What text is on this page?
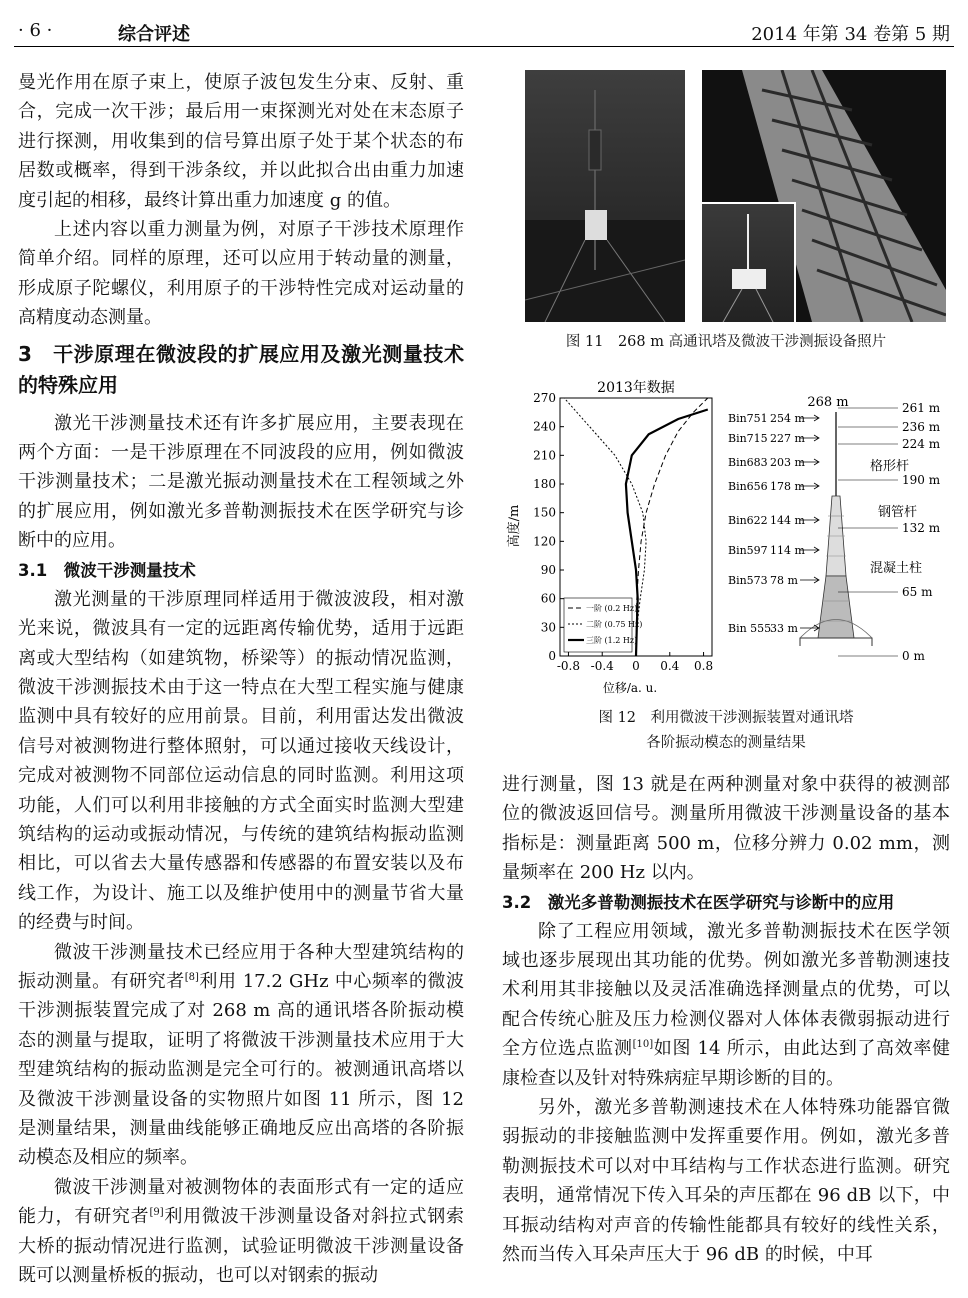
· 6 ·	综合评述	2014 年第 34 卷第 5 期

曼光作用在原子束上，使原子波包发生分束、反射、重合，完成一次干涉；最后用一束探测光对处在末态原子进行探测，用收集到的信号算出原子处于某个状态的布居数或概率，得到干涉条纹，并以此拟合出由重力加速度引起的相移，最终计算出重力加速度 g 的值。

上述内容以重力测量为例，对原子干涉技术原理作简单介绍。同样的原理，还可以应用于转动量的测量，形成原子陀螺仪，利用原子的干涉特性完成对运动量的高精度动态测量。

3　干涉原理在微波段的扩展应用及激光测量技术的特殊应用

激光干涉测量技术还有许多扩展应用，主要表现在两个方面：一是干涉原理在不同波段的应用，例如微波干涉测量技术；二是激光振动测量技术在工程领域之外的扩展应用，例如激光多普勒测振技术在医学研究与诊断中的应用。

3.1　微波干涉测量技术

激光测量的干涉原理同样适用于微波波段，相对激光来说，微波具有一定的远距离传输优势，适用于远距离或大型结构（如建筑物，桥梁等）的振动情况监测，微波干涉测振技术由于这一特点在大型工程实施与健康监测中具有较好的应用前景。目前，利用雷达发出微波信号对被测物进行整体照射，可以通过接收天线设计，完成对被测物不同部位运动信息的同时监测。利用这项功能，人们可以利用非接触的方式全面实时监测大型建筑结构的运动或振动情况，与传统的建筑结构振动监测相比，可以省去大量传感器和传感器的布置安装以及布线工作，为设计、施工以及维护使用中的测量节省大量的经费与时间。

微波干涉测量技术已经应用于各种大型建筑结构的振动测量。有研究者[8]利用 17.2 GHz 中心频率的微波干涉测振装置完成了对 268 m 高的通讯塔各阶振动模态的测量与提取，证明了将微波干涉测量技术应用于大型建筑结构的振动监测是完全可行的。被测通讯高塔以及微波干涉测量设备的实物照片如图 11 所示，图 12 是测量结果，测量曲线能够正确地反应出高塔的各阶振动模态及相应的频率。

微波干涉测量对被测物体的表面形式有一定的适应能力，有研究者[9]利用微波干涉测量设备对斜拉式钢索大桥的振动情况进行监测，试验证明微波干涉测量设备既可以测量桥板的振动，也可以对钢索的振动

图 11　268 m 高通讯塔及微波干涉测振设备照片
2013年数据
位移/a. u.
高度/m
0
30
60
90
120
150
180
210
240
270
-0.8 -0.4 0 0.4 0.8
一阶 (0.2 Hz)
二阶 (0.75 Hz)
三阶 (1.2 Hz)
268 m
Bin751 254 m
Bin715 227 m
Bin683 203 m
Bin656 178 m
Bin622 144 m
Bin597 114 m
Bin573 78 m
Bin 555
33 m
261 m
236 m
224 m
190 m
132 m
65 m
0 m
格形杆
钢管杆
混凝土柱
图 12　利用微波干涉测振装置对通讯塔
各阶振动模态的测量结果

进行测量，图 13 就是在两种测量对象中获得的被测部位的微波返回信号。测量所用微波干涉测量设备的基本指标是：测量距离 500 m，位移分辨力 0.02 mm，测量频率在 200 Hz 以内。

3.2　激光多普勒测振技术在医学研究与诊断中的应用

除了工程应用领域，激光多普勒测振技术在医学领域也逐步展现出其功能的优势。例如激光多普勒测速技术利用其非接触以及灵活准确选择测量点的优势，可以配合传统心脏及压力检测仪器对人体体表微弱振动进行全方位选点监测[10]如图 14 所示，由此达到了高效率健康检查以及针对特殊病症早期诊断的目的。

另外，激光多普勒测速技术在人体特殊功能器官微弱振动的非接触监测中发挥重要作用。例如，激光多普勒测振技术可以对中耳结构与工作状态进行监测。研究表明，通常情况下传入耳朵的声压都在 96 dB 以下，中耳振动结构对声音的传输性能都具有较好的线性关系，然而当传入耳朵声压大于 96 dB 的时候，中耳
